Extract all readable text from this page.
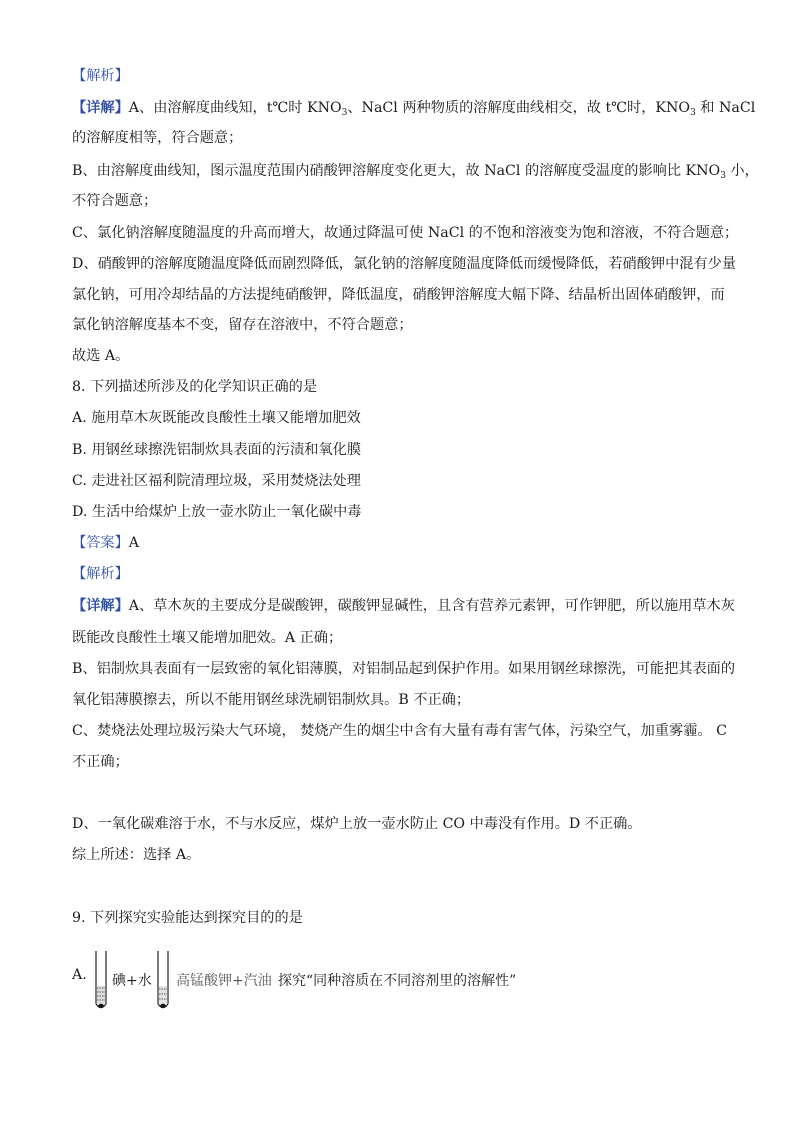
【解析】
【详解】A、由溶解度曲线知，t℃时 $KNO_3$、NaCl 两种物质的溶解度曲线相交，故 t℃时，$KNO_3$ 和 NaCl
的溶解度相等，符合题意；
B、由溶解度曲线知，图示温度范围内硝酸钾溶解度变化更大，故 NaCl 的溶解度受温度的影响比 $KNO_3$ 小，
不符合题意；
C、氯化钠溶解度随温度的升高而增大，故通过降温可使 NaCl 的不饱和溶液变为饱和溶液，不符合题意；
D、硝酸钾的溶解度随温度降低而剧烈降低，氯化钠的溶解度随温度降低而缓慢降低，若硝酸钾中混有少量
氯化钠，可用冷却结晶的方法提纯硝酸钾，降低温度，硝酸钾溶解度大幅下降、结晶析出固体硝酸钾，而
氯化钠溶解度基本不变，留存在溶液中，不符合题意；
故选 A。
8. 下列描述所涉及的化学知识正确的是
A. 施用草木灰既能改良酸性土壤又能增加肥效
B. 用钢丝球擦洗铝制炊具表面的污渍和氧化膜
C. 走进社区福利院清理垃圾，采用焚烧法处理
D. 生活中给煤炉上放一壶水防止一氧化碳中毒
【答案】A
【解析】
【详解】A、草木灰的主要成分是碳酸钾，碳酸钾显碱性，且含有营养元素钾，可作钾肥，所以施用草木灰
既能改良酸性土壤又能增加肥效。A 正确；
B、铝制炊具表面有一层致密的氧化铝薄膜，对铝制品起到保护作用。如果用钢丝球擦洗，可能把其表面的
氧化铝薄膜擦去，所以不能用钢丝球洗刷铝制炊具。B 不正确；
C、焚烧法处理垃圾污染大气环境， 焚烧产生的烟尘中含有大量有毒有害气体，污染空气，加重雾霾。 C
不正确；
D、一氧化碳难溶于水，不与水反应，煤炉上放一壶水防止 CO 中毒没有作用。D 不正确。
综上所述：选择 A。
9. 下列探究实验能达到探究目的的是
A. 碘+水 高锰酸钾+汽油 探究“同种溶质在不同溶剂里的溶解性”
